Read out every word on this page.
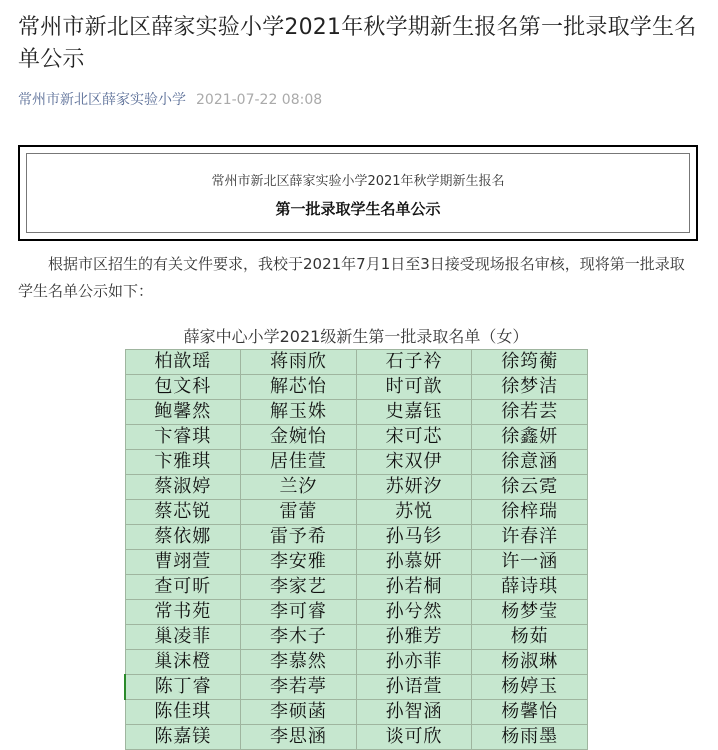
常州市新北区薛家实验小学2021年秋学期新生报名第一批录取学生名单公示
常州市新北区薛家实验小学 2021-07-22 08:08
常州市新北区薛家实验小学2021年秋学期新生报名
第一批录取学生名单公示
根据市区招生的有关文件要求，我校于2021年7月1日至3日接受现场报名审核，现将第一批录取学生名单公示如下：
薛家中心小学2021级新生第一批录取名单（女）
柏歆瑶	蒋雨欣	石子衿	徐筠蘅
包文科	解芯怡	时可歆	徐梦洁
鲍馨然	解玉姝	史嘉钰	徐若芸
卞睿琪	金婉怡	宋可芯	徐鑫妍
卞雅琪	居佳萱	宋双伊	徐意涵
蔡淑婷	兰汐	苏妍汐	徐云霓
蔡芯锐	雷蕾	苏悦	徐梓瑞
蔡依娜	雷予希	孙马钐	许春洋
曹翊萱	李安雅	孙慕妍	许一涵
查可昕	李家艺	孙若桐	薛诗琪
常书苑	李可睿	孙兮然	杨梦莹
巢凌菲	李木子	孙雅芳	杨茹
巢沫橙	李慕然	孙亦菲	杨淑琳
陈丁睿	李若葶	孙语萱	杨婷玉
陈佳琪	李硕菡	孙智涵	杨馨怡
陈嘉镁	李思涵	谈可欣	杨雨墨
